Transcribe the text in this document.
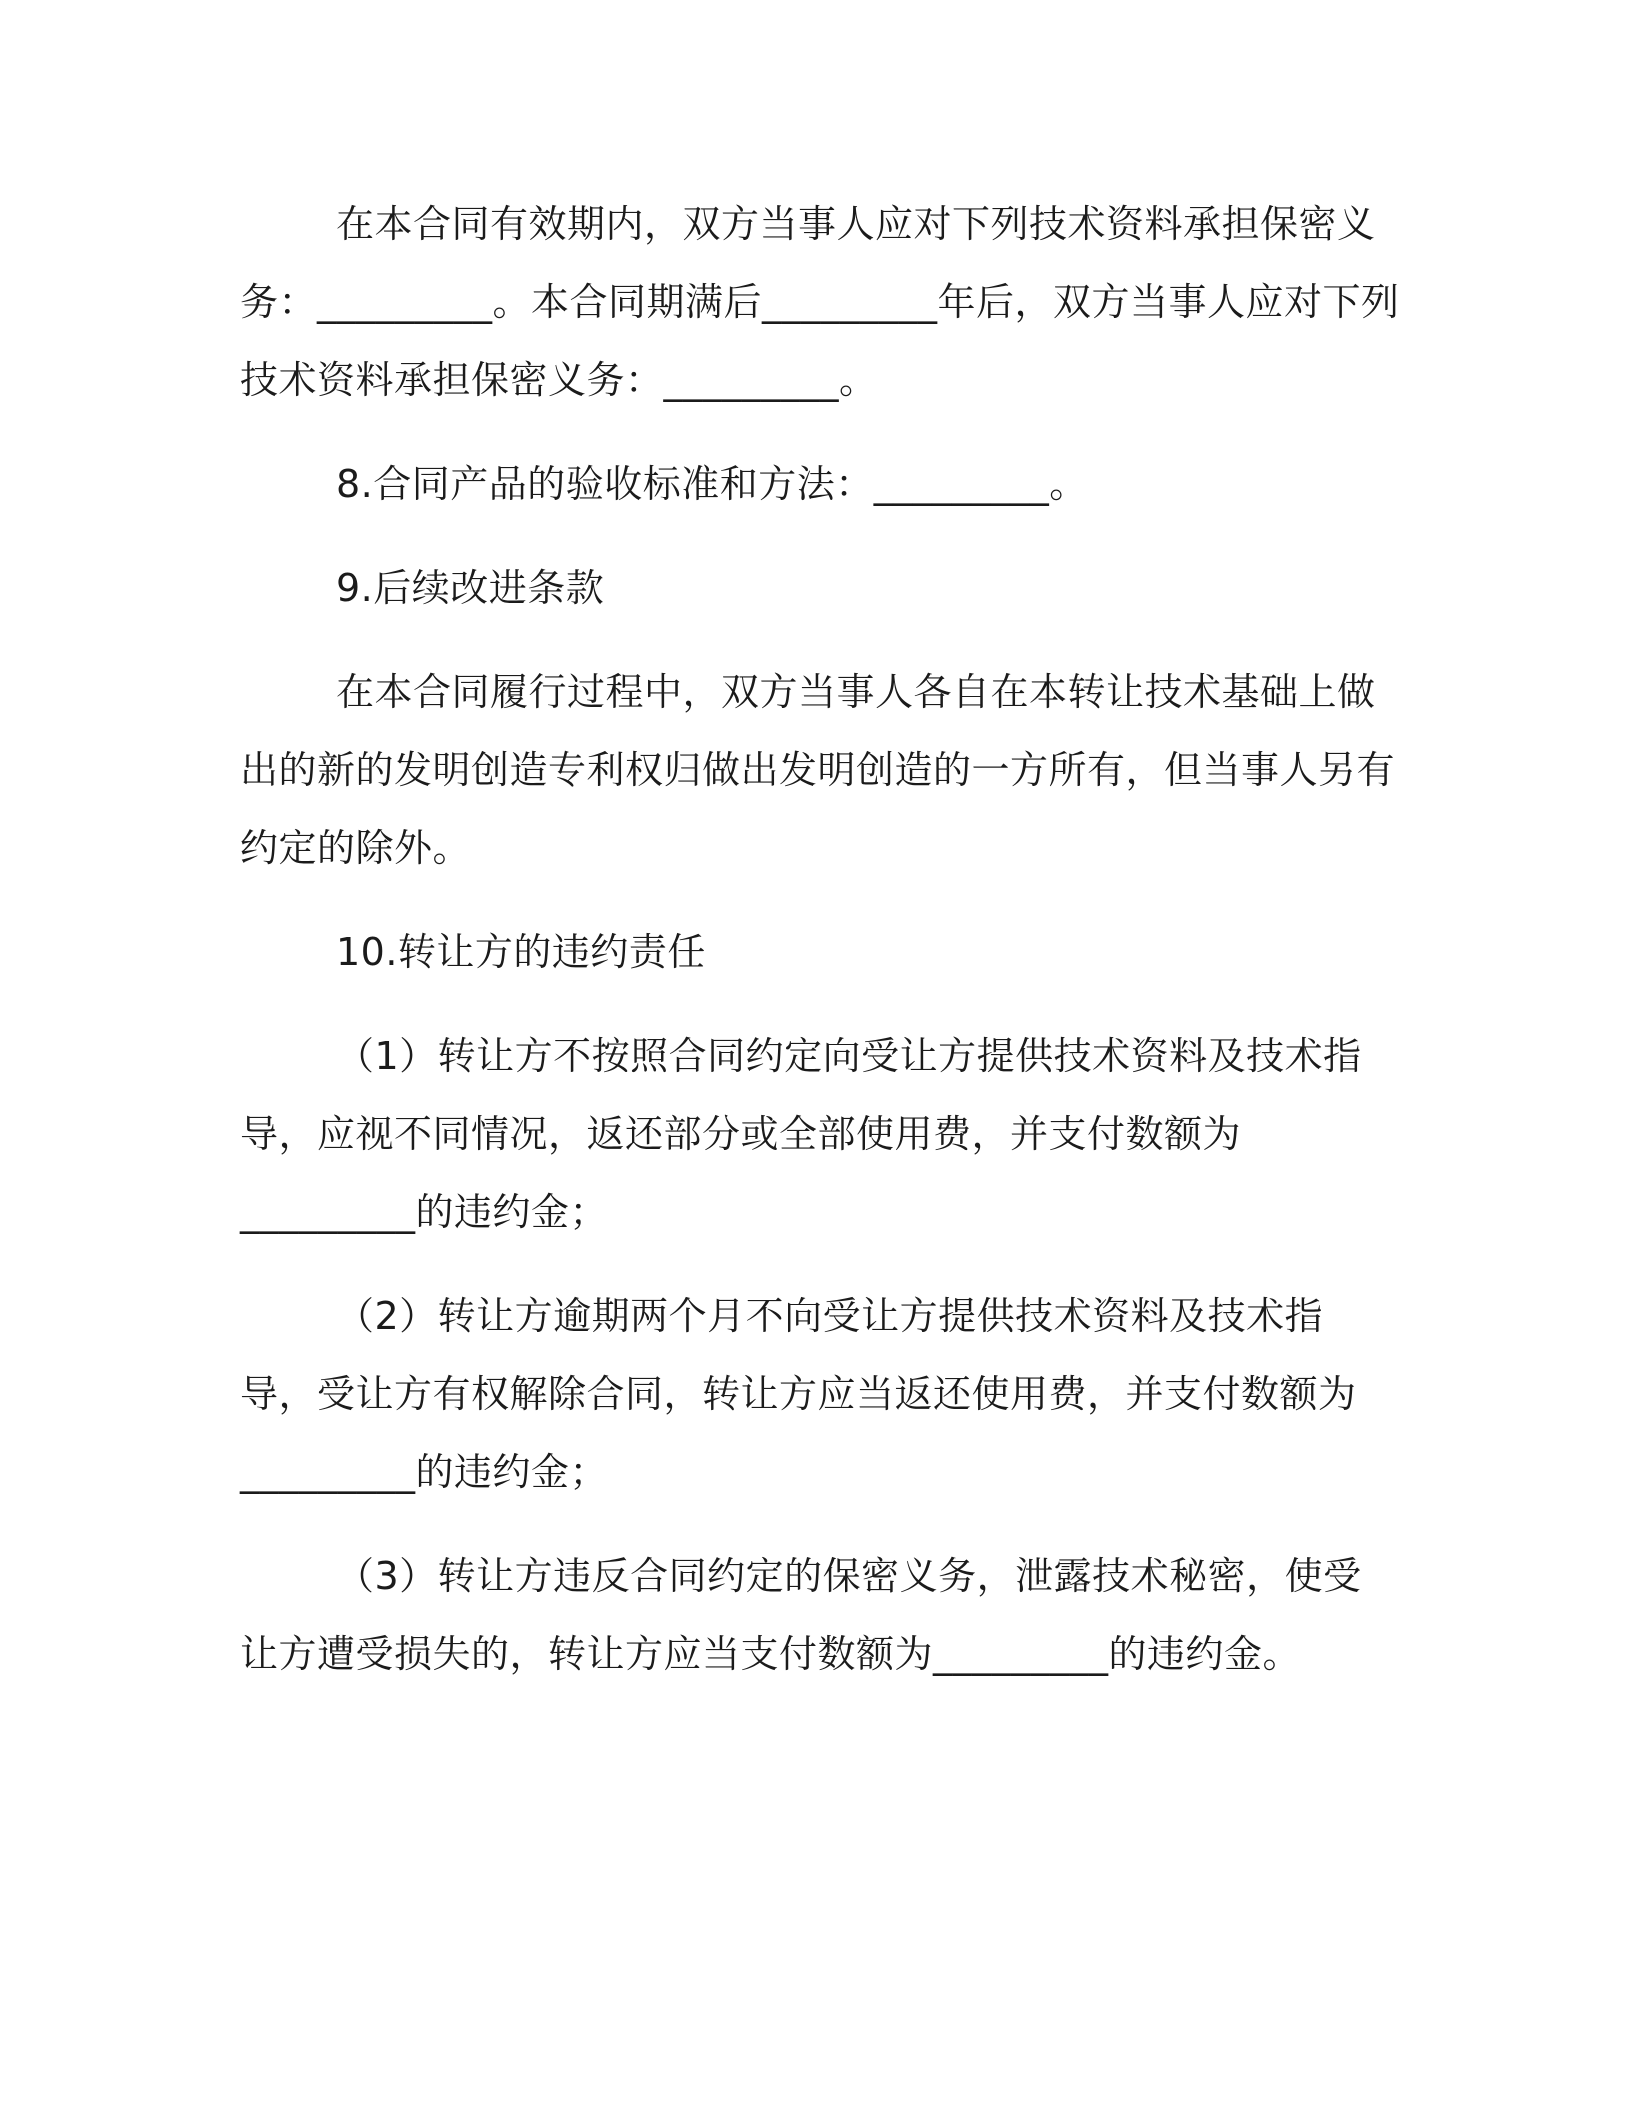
在本合同有效期内，双方当事人应对下列技术资料承担保密义务：_________。本合同期满后_________年后，双方当事人应对下列技术资料承担保密义务：_________。

8.合同产品的验收标准和方法：_________。

9.后续改进条款

在本合同履行过程中，双方当事人各自在本转让技术基础上做出的新的发明创造专利权归做出发明创造的一方所有，但当事人另有约定的除外。

10.转让方的违约责任

（1）转让方不按照合同约定向受让方提供技术资料及技术指导，应视不同情况，返还部分或全部使用费，并支付数额为_________的违约金；

（2）转让方逾期两个月不向受让方提供技术资料及技术指导，受让方有权解除合同，转让方应当返还使用费，并支付数额为_________的违约金；

（3）转让方违反合同约定的保密义务，泄露技术秘密，使受让方遭受损失的，转让方应当支付数额为_________的违约金。
